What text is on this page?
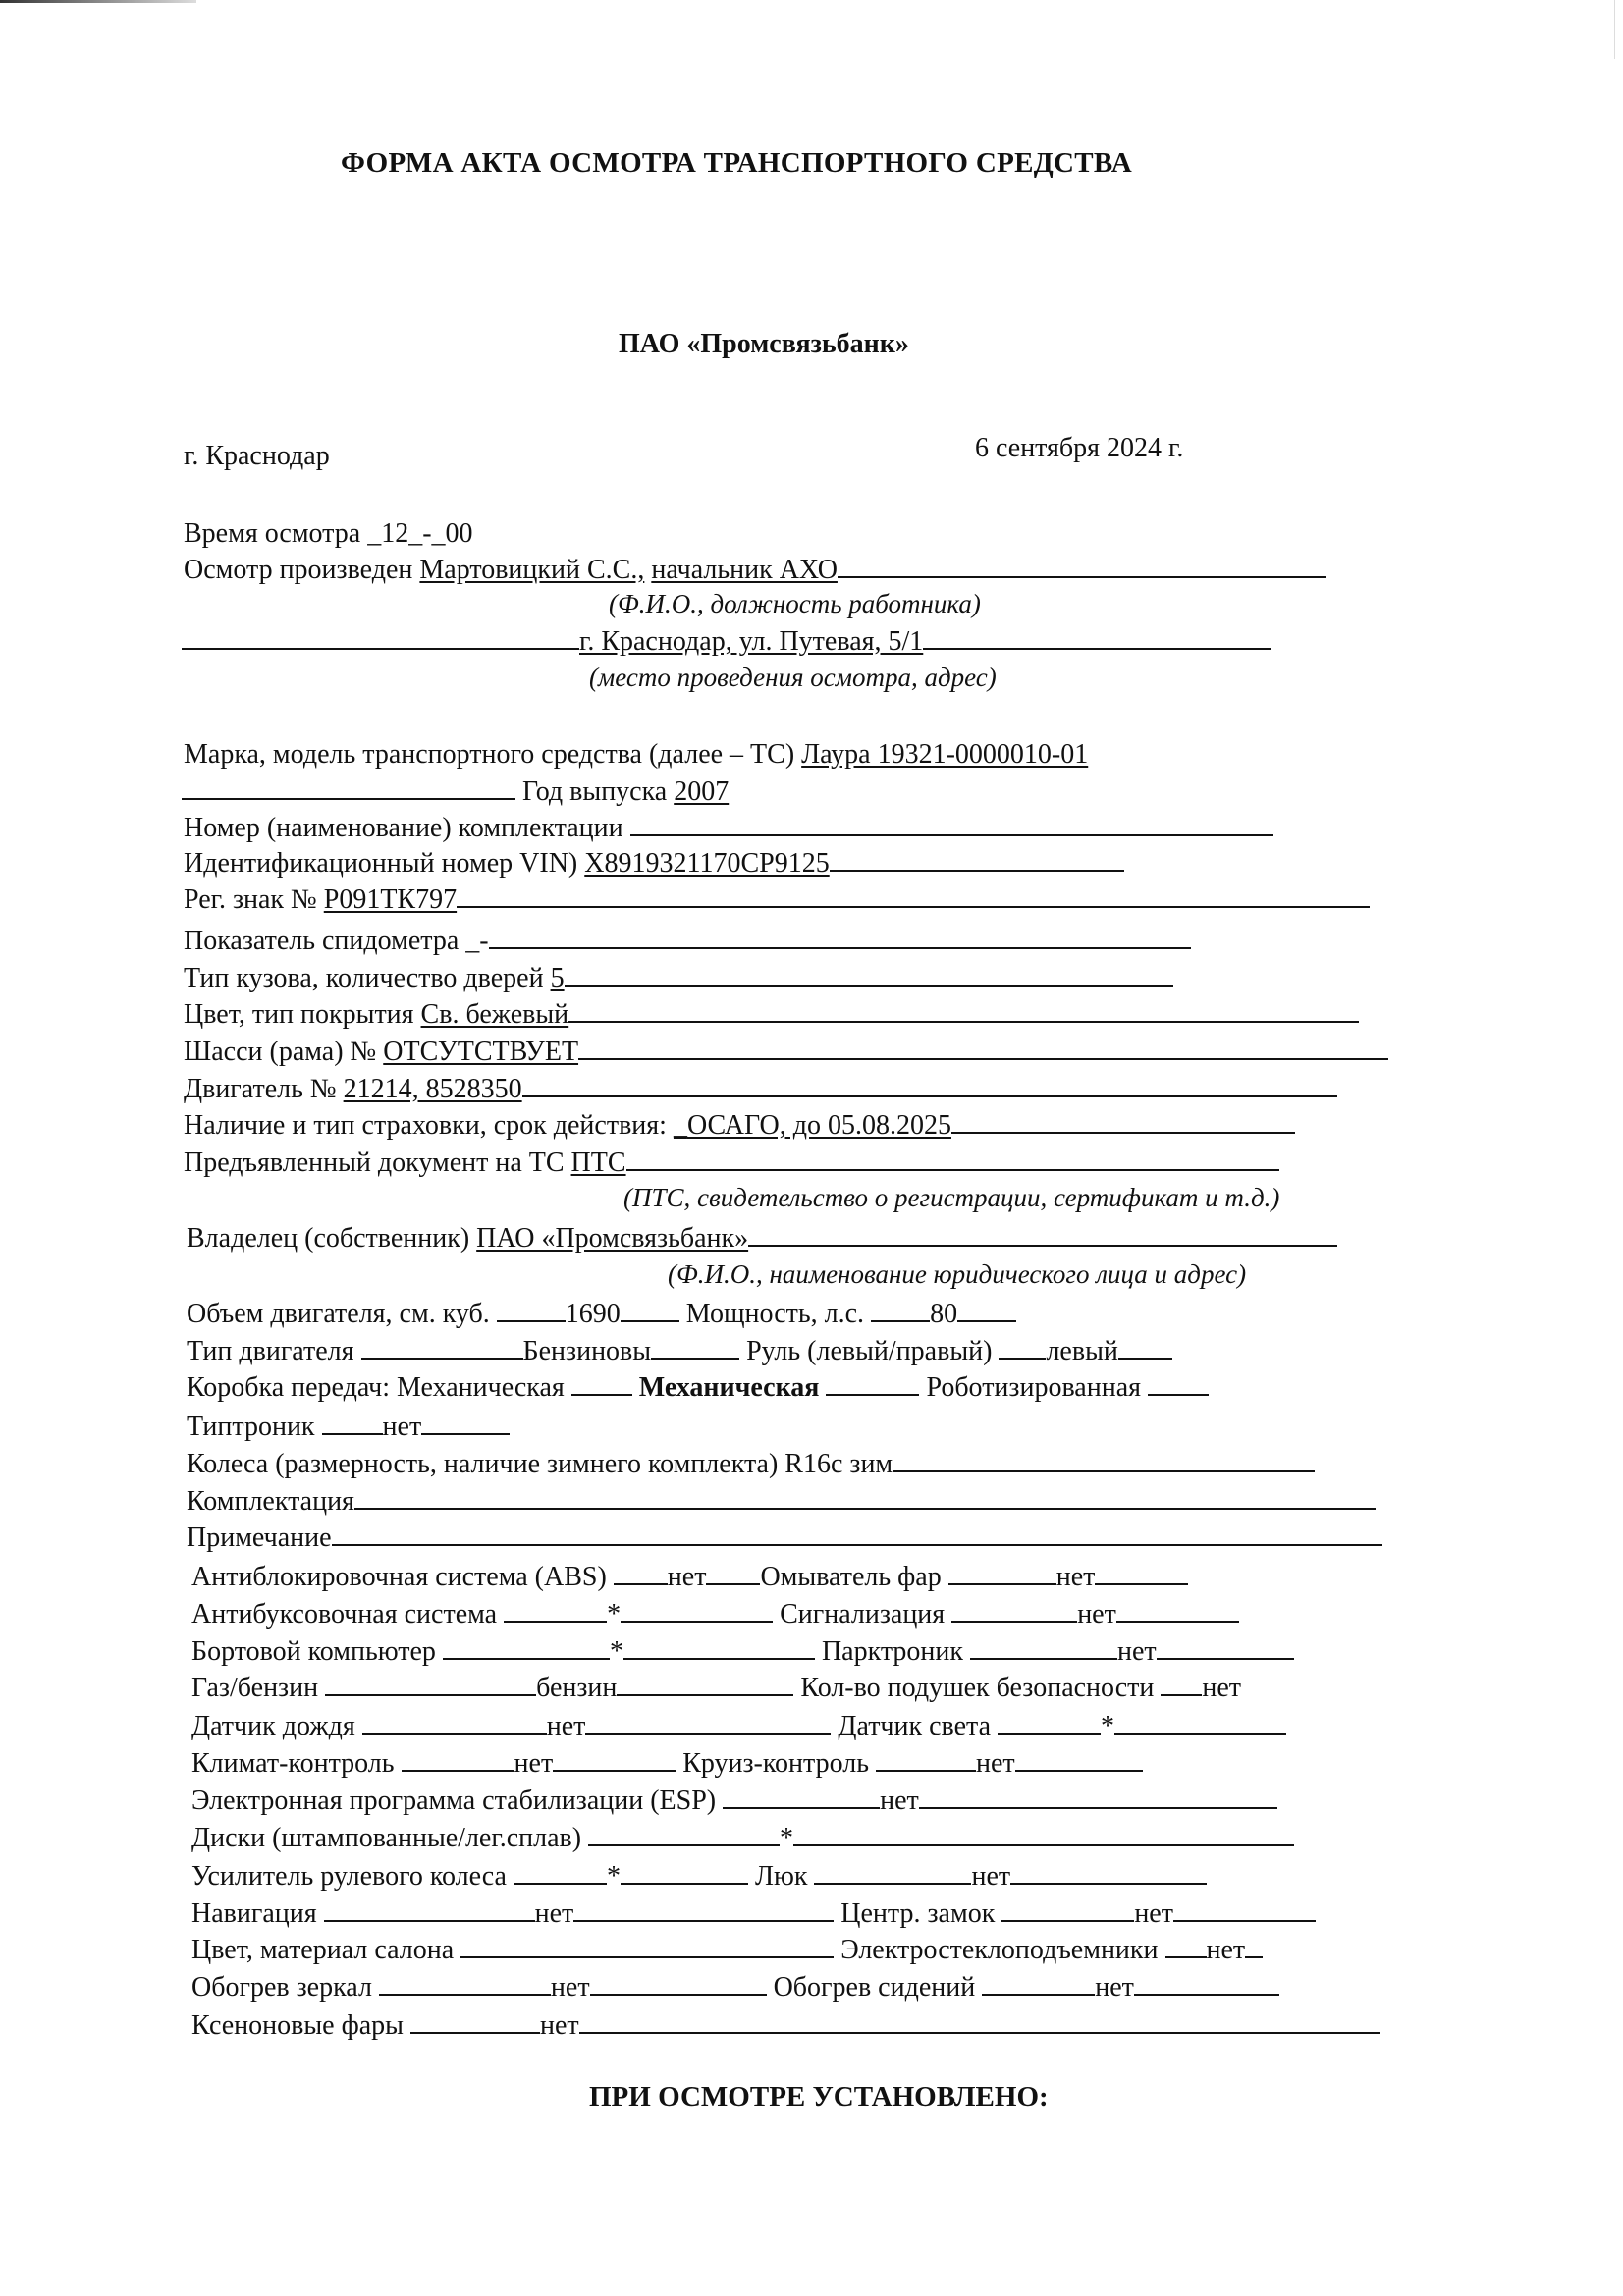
ФОРМА АКТА ОСМОТРА ТРАНСПОРТНОГО СРЕДСТВА
ПАО «Промсвязьбанк»
г. Краснодар	6 сентября 2024 г.
Время осмотра _12_-_00
Осмотр произведен Мартовицкий С.С., начальник АХО
(Ф.И.О., должность работника)
г. Краснодар, ул. Путевая, 5/1
(место проведения осмотра, адрес)
Марка, модель транспортного средства (далее – ТС) Лаура 19321-0000010-01
Год выпуска 2007
Номер (наименование) комплектации
Идентификационный номер VIN) X8919321170CP9125
Рег. знак № Р091ТК797
Показатель спидометра _-
Тип кузова, количество дверей 5
Цвет, тип покрытия Св. бежевый
Шасси (рама) № ОТСУТСТВУЕТ
Двигатель № 21214, 8528350
Наличие и тип страховки, срок действия: _ОСАГО, до 05.08.2025
Предъявленный документ на ТС ПТС
(ПТС, свидетельство о регистрации, сертификат и т.д.)
Владелец (собственник) ПАО «Промсвязьбанк»
(Ф.И.О., наименование юридического лица и адрес)
Объем двигателя, см. куб.	1690 Мощность, л.с. 80
Тип двигателя	Бензиновы	Руль (левый/правый) левый
Коробка передач: Механическая	Механическая	Роботизированная
Типтроник нет
Колеса (размерность, наличие зимнего комплекта) R16c зим
Комплектация
Примечание
Антиблокировочная система (ABS) нет Омыватель фар	нет
Антибуксовочная система	*	Сигнализация	нет
Бортовой компьютер	*	Парктроник	нет
Газ/бензин	бензин	Кол-во подушек безопасности нет
Датчик дождя	нет	Датчик света	*
Климат-контроль	нет	Круиз-контроль	нет
Электронная программа стабилизации (ESP)	нет
Диски (штампованные/лег.сплав)	*
Усилитель рулевого колеса	*	Люк	нет
Навигация	нет	Центр. замок	нет
Цвет, материал салона	Электростеклоподъемники нет
Обогрев зеркал	нет	Обогрев сидений	нет
Ксеноновые фары	нет
ПРИ ОСМОТРЕ УСТАНОВЛЕНО:
